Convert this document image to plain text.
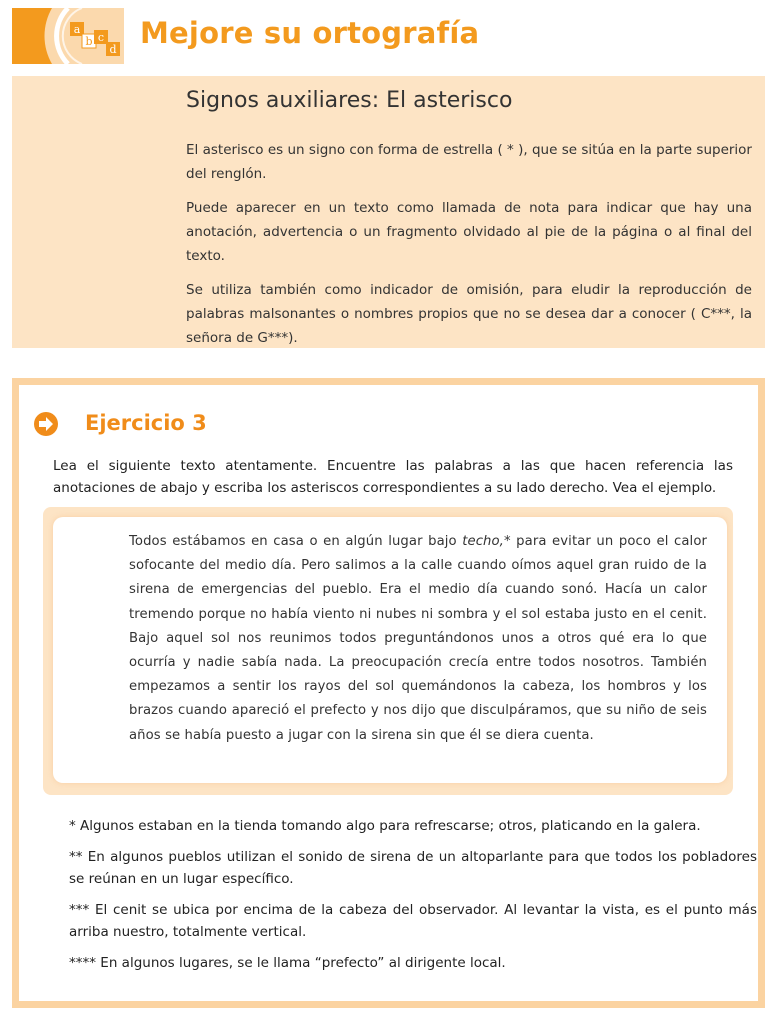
a
b c
d Mejore su ortografía
Signos auxiliares: El asterisco

El asterisco es un signo con forma de estrella ( * ), que se sitúa en la parte superior del renglón.

Puede aparecer en un texto como llamada de nota para indicar que hay una anotación, advertencia o un fragmento olvidado al pie de la página o al final del texto.

Se utiliza también como indicador de omisión, para eludir la reproducción de palabras malsonantes o nombres propios que no se desea dar a conocer ( C***, la señora de G***).

Ejercicio 3
Lea el siguiente texto atentamente. Encuentre las palabras a las que hacen referencia las anotaciones de abajo y escriba los asteriscos correspondientes a su lado derecho. Vea el ejemplo.
Todos estábamos en casa o en algún lugar bajo techo,* para evitar un poco el calor sofocante del medio día. Pero salimos a la calle cuando oímos aquel gran ruido de la sirena de emergencias del pueblo. Era el medio día cuando sonó. Hacía un calor tremendo porque no había viento ni nubes ni sombra y el sol estaba justo en el cenit. Bajo aquel sol nos reunimos todos preguntándonos unos a otros qué era lo que ocurría y nadie sabía nada. La preocupación crecía entre todos nosotros. También empezamos a sentir los rayos del sol quemándonos la cabeza, los hombros y los brazos cuando apareció el prefecto y nos dijo que disculpáramos, que su niño de seis años se había puesto a jugar con la sirena sin que él se diera cuenta.

* Algunos estaban en la tienda tomando algo para refrescarse; otros, platicando en la galera.

** En algunos pueblos utilizan el sonido de sirena de un altoparlante para que todos los pobladores se reúnan en un lugar específico.

*** El cenit se ubica por encima de la cabeza del observador. Al levantar la vista, es el punto más arriba nuestro, totalmente vertical.

**** En algunos lugares, se le llama “prefecto” al dirigente local.
